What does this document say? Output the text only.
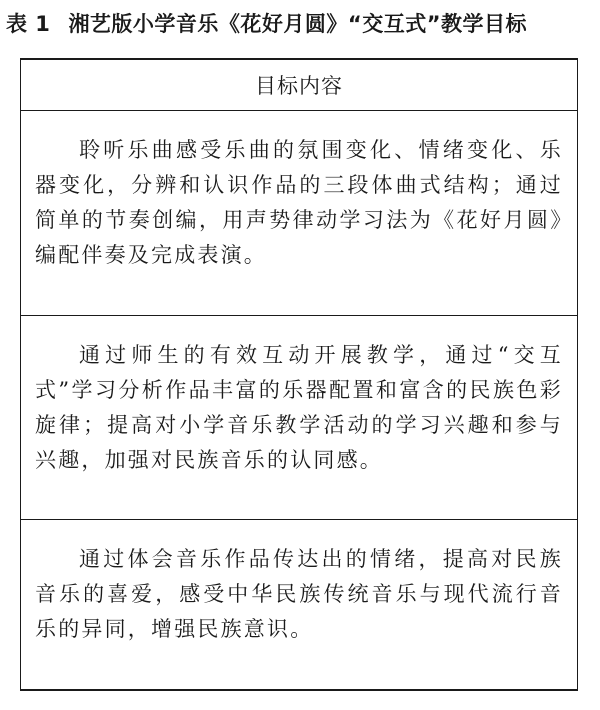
表 1 湘艺版小学音乐《花好月圆》“交互式”教学目标
目标内容
聆听乐曲感受乐曲的氛围变化、情绪变化、乐器变化，分辨和认识作品的三段体曲式结构；通过简单的节奏创编，用声势律动学习法为《花好月圆》编配伴奏及完成表演。
通过师生的有效互动开展教学，通过“交互式”学习分析作品丰富的乐器配置和富含的民族色彩旋律；提高对小学音乐教学活动的学习兴趣和参与兴趣，加强对民族音乐的认同感。
通过体会音乐作品传达出的情绪，提高对民族音乐的喜爱，感受中华民族传统音乐与现代流行音乐的异同，增强民族意识。
